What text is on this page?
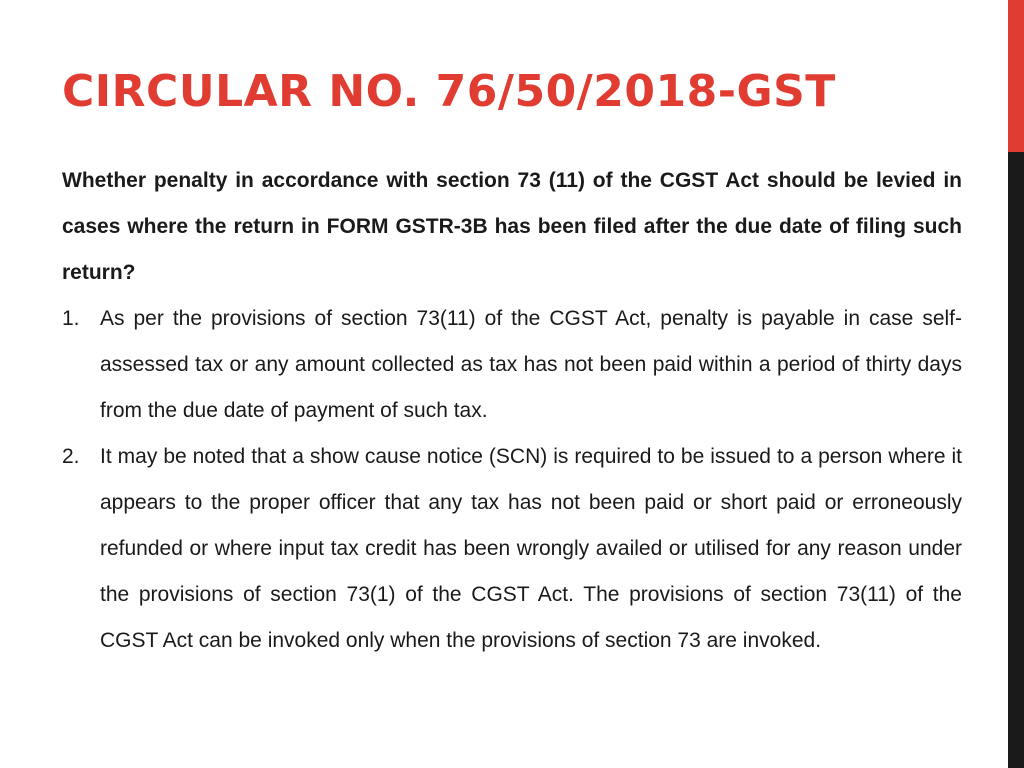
CIRCULAR NO. 76/50/2018-GST

Whether penalty in accordance with section 73 (11) of the CGST Act should be levied in cases where the return in FORM GSTR-3B has been filed after the due date of filing such return?

1. As per the provisions of section 73(11) of the CGST Act, penalty is payable in case self-assessed tax or any amount collected as tax has not been paid within a period of thirty days from the due date of payment of such tax.
2. It may be noted that a show cause notice (SCN) is required to be issued to a person where it appears to the proper officer that any tax has not been paid or short paid or erroneously refunded or where input tax credit has been wrongly availed or utilised for any reason under the provisions of section 73(1) of the CGST Act. The provisions of section 73(11) of the CGST Act can be invoked only when the provisions of section 73 are invoked.
